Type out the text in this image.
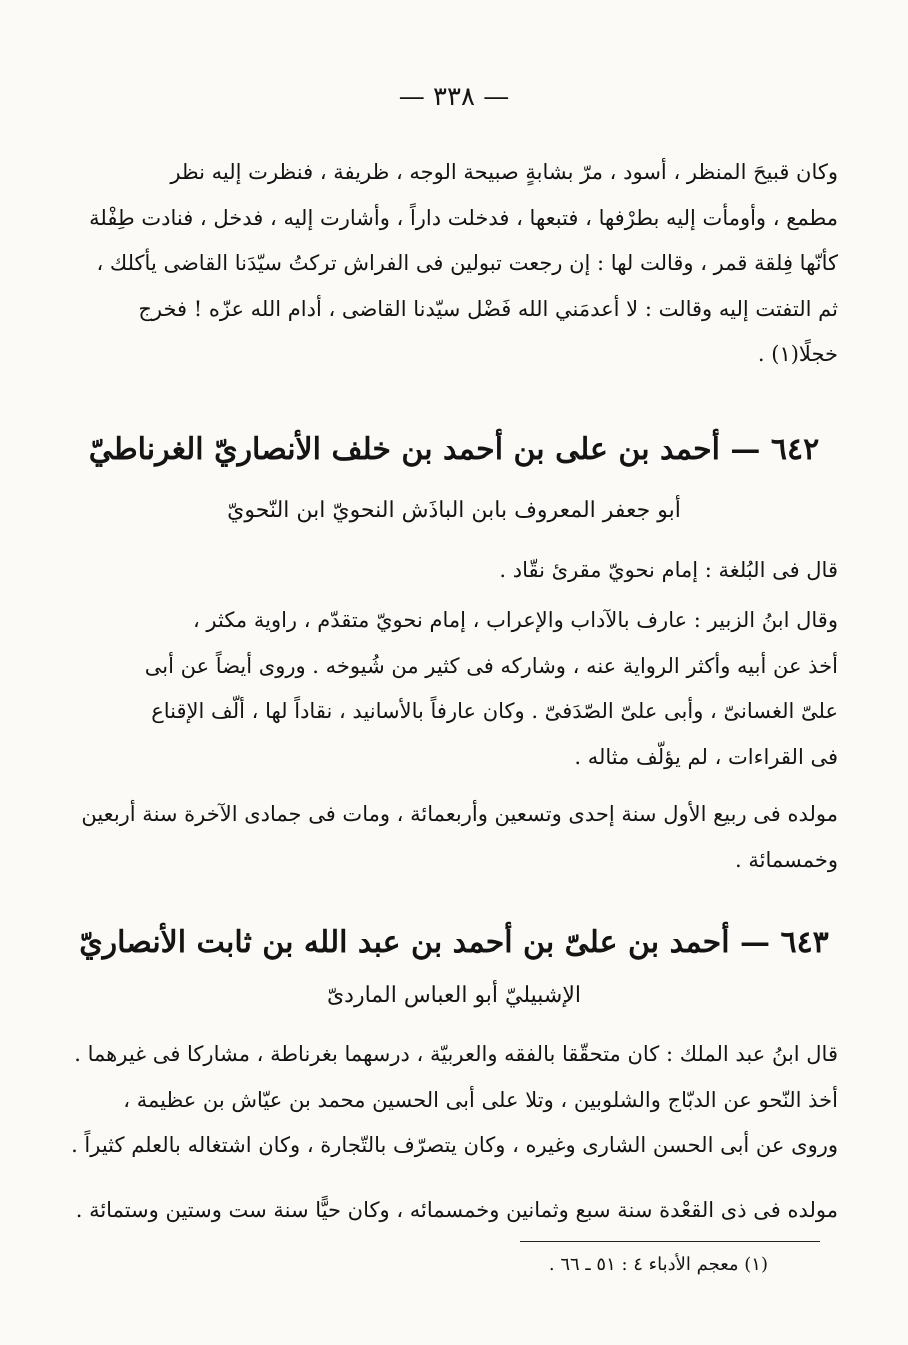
— ٣٣٨ —
وكان قبيحَ المنظر ، أسود ، مرّ بشابةٍ صبيحة الوجه ، ظريفة ، فنظرت إليه نظر
مطمع ، وأومأت إليه بطرْفها ، فتبعها ، فدخلت داراً ، وأشارت إليه ، فدخل ، فنادت طِفْلة
كأنّها فِلقة قمر ، وقالت لها : إن رجعت تبولين فى الفراش تركتُ سيّدَنا القاضى يأكلك ،
ثم التفتت إليه وقالت : لا أعدمَني الله فَضْل سيّدنا القاضى ، أدام الله عزّه ! فخرج
خجلًا(١) .
٦٤٢ — أحمد بن على بن أحمد بن خلف الأنصاريّ الغرناطيّ
أبو جعفر المعروف بابن الباذَش النحويّ ابن النّحويّ
قال فى البُلغة : إمام نحويّ مقرئ نقّاد .
وقال ابنُ الزبير : عارف بالآداب والإعراب ، إمام نحويّ متقدّم ، راوية مكثر ،
أخذ عن أبيه وأكثر الرواية عنه ، وشاركه فى كثير من شُيوخه . وروى أيضاً عن أبى
علىّ الغسانىّ ، وأبى علىّ الصّدَفىّ . وكان عارفاً بالأسانيد ، نقاداً لها ، ألّف الإقناع
فى القراءات ، لم يؤلّف مثاله .
مولده فى ربيع الأول سنة إحدى وتسعين وأربعمائة ، ومات فى جمادى الآخرة سنة أربعين
وخمسمائة .
٦٤٣ — أحمد بن علىّ بن أحمد بن عبد الله بن ثابت الأنصاريّ
الإشبيليّ أبو العباس الماردىّ
قال ابنُ عبد الملك : كان متحقّقا بالفقه والعربيّة ، درسهما بغرناطة ، مشاركا فى غيرهما .
أخذ النّحو عن الدبّاج والشلوبين ، وتلا على أبى الحسين محمد بن عيّاش بن عظيمة ،
وروى عن أبى الحسن الشارى وغيره ، وكان يتصرّف بالتّجارة ، وكان اشتغاله بالعلم كثيراً .
مولده فى ذى القعْدة سنة سبع وثمانين وخمسمائه ، وكان حيًّا سنة ست وستين وستمائة .
(١) معجم الأدباء ٤ : ٥١ ـ ٦٦ .
